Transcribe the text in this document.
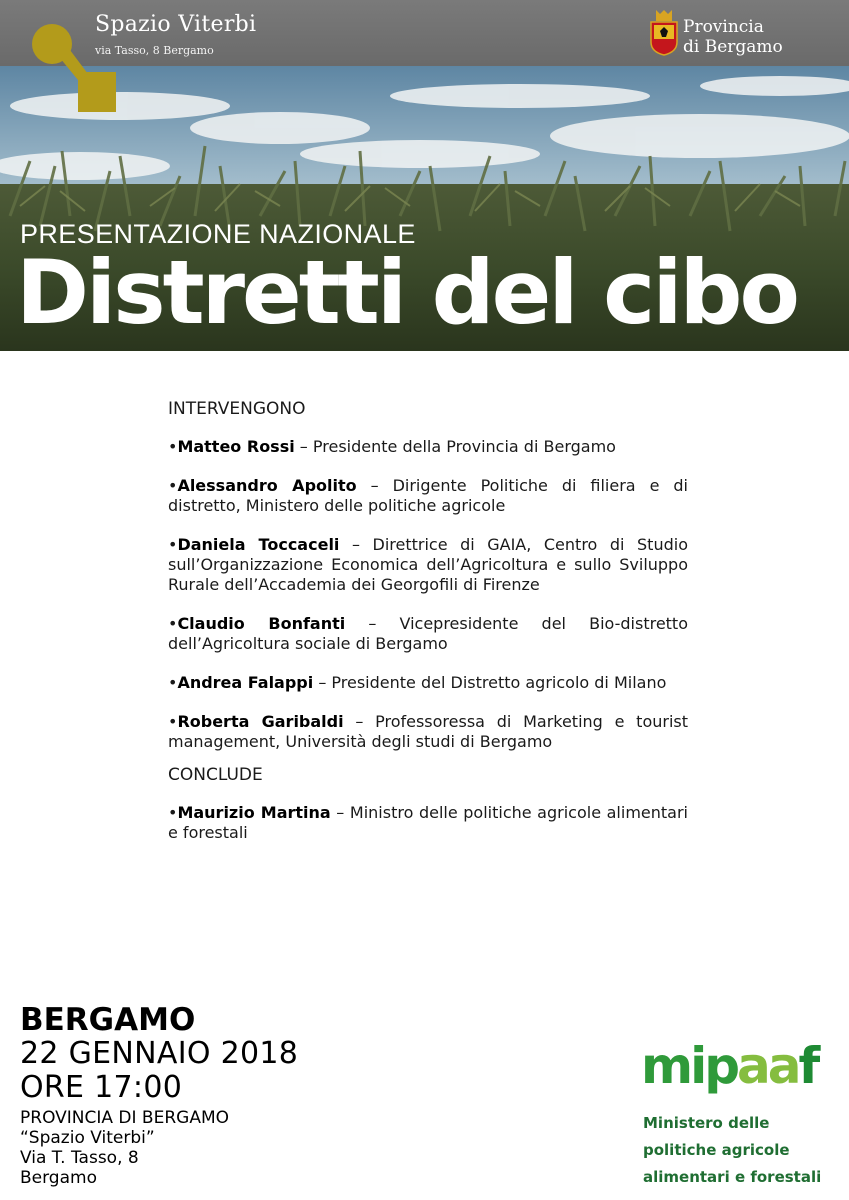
Spazio Viterbi
via Tasso, 8 Bergamo
Provincia
di Bergamo
PRESENTAZIONE NAZIONALE
Distretti del cibo

INTERVENGONO

•Matteo Rossi – Presidente della Provincia di Bergamo
•Alessandro Apolito – Dirigente Politiche di filiera e di distretto, Ministero delle politiche agricole
•Daniela Toccaceli – Direttrice di GAIA, Centro di Studio sull’Organizzazione Economica dell’Agricoltura e sullo Sviluppo Rurale dell’Accademia dei Georgofili di Firenze
•Claudio Bonfanti – Vicepresidente del Bio-distretto dell’Agricoltura sociale di Bergamo
•Andrea Falappi – Presidente del Distretto agricolo di Milano
•Roberta Garibaldi – Professoressa di Marketing e tourist management, Università degli studi di Bergamo

CONCLUDE

•Maurizio Martina – Ministro delle politiche agricole alimentari e forestali
BERGAMO
22 GENNAIO 2018
ORE 17:00
PROVINCIA DI BERGAMO
“Spazio Viterbi”
Via T. Tasso, 8
Bergamo
mipaaf
Ministero delle
politiche agricole
alimentari e forestali
